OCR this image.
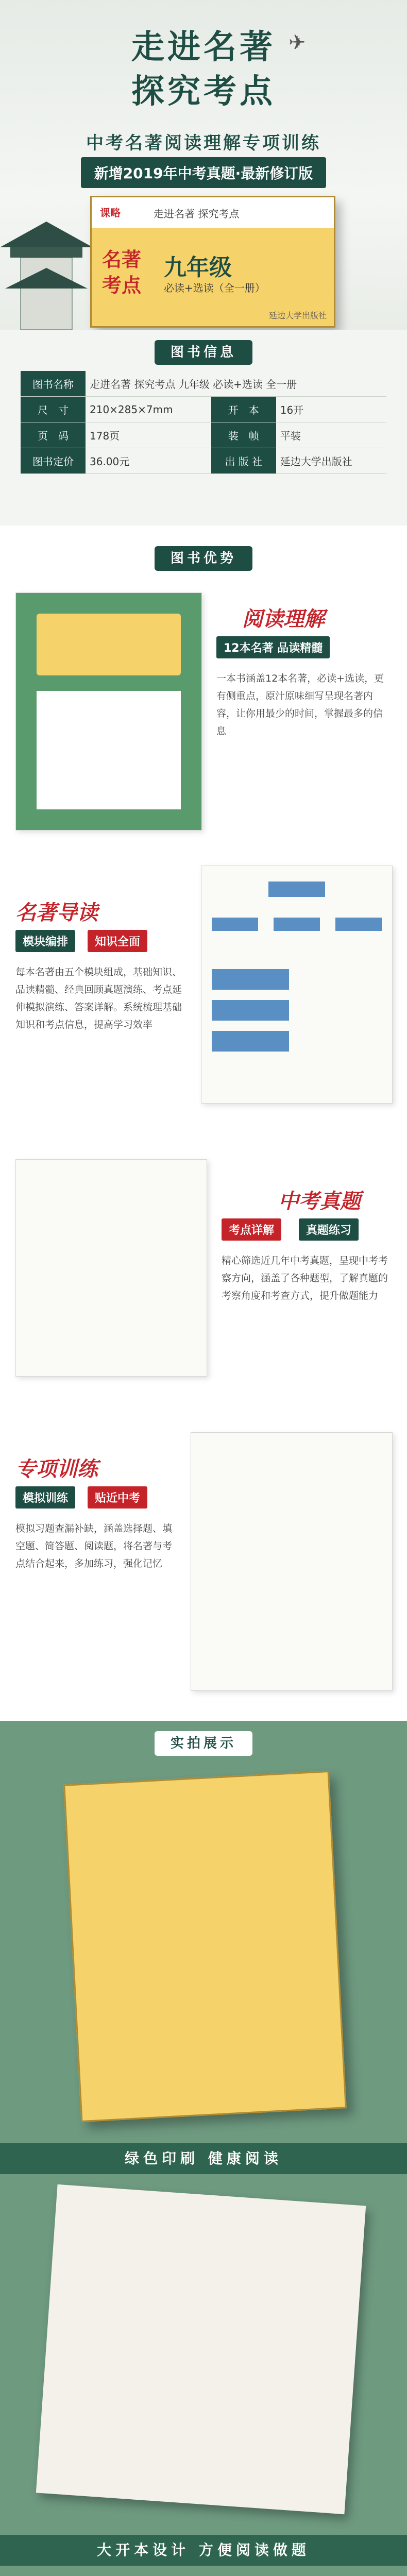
✈
走进名著
探究考点
中考名著阅读理解专项训练
新增2019年中考真题·最新修订版
课略	走进名著 探究考点
名著
考点
九年级
必读+选读（全一册）
延边大学出版社
图书信息
图书名称	走进名著 探究考点 九年级 必读+选读 全一册		
尺　寸	210×285×7mm	开　本	16开
页　码	178页	装　帧	平装
图书定价	36.00元	出 版 社	延边大学出版社
图书优势
阅读理解
12本名著 品读精髓
一本书涵盖12本名著，必读+选读，更有侧重点，原汁原味细写呈现名著内容，让你用最少的时间，掌握最多的信息
名著导读
模块编排	知识全面
每本名著由五个模块组成，基础知识、品读精髓、经典回顾真题演练、考点延伸模拟演练、答案详解。系统梳理基础知识和考点信息，提高学习效率
中考真题
考点详解	真题练习
精心筛选近几年中考真题，呈现中考考察方向，涵盖了各种题型，了解真题的考察角度和考查方式，提升做题能力
专项训练
模拟训练	贴近中考
模拟习题查漏补缺，涵盖选择题、填空题、简答题、阅读题，将名著与考点结合起来，多加练习，强化记忆
实拍展示
绿色印刷 健康阅读
大开本设计 方便阅读做题
